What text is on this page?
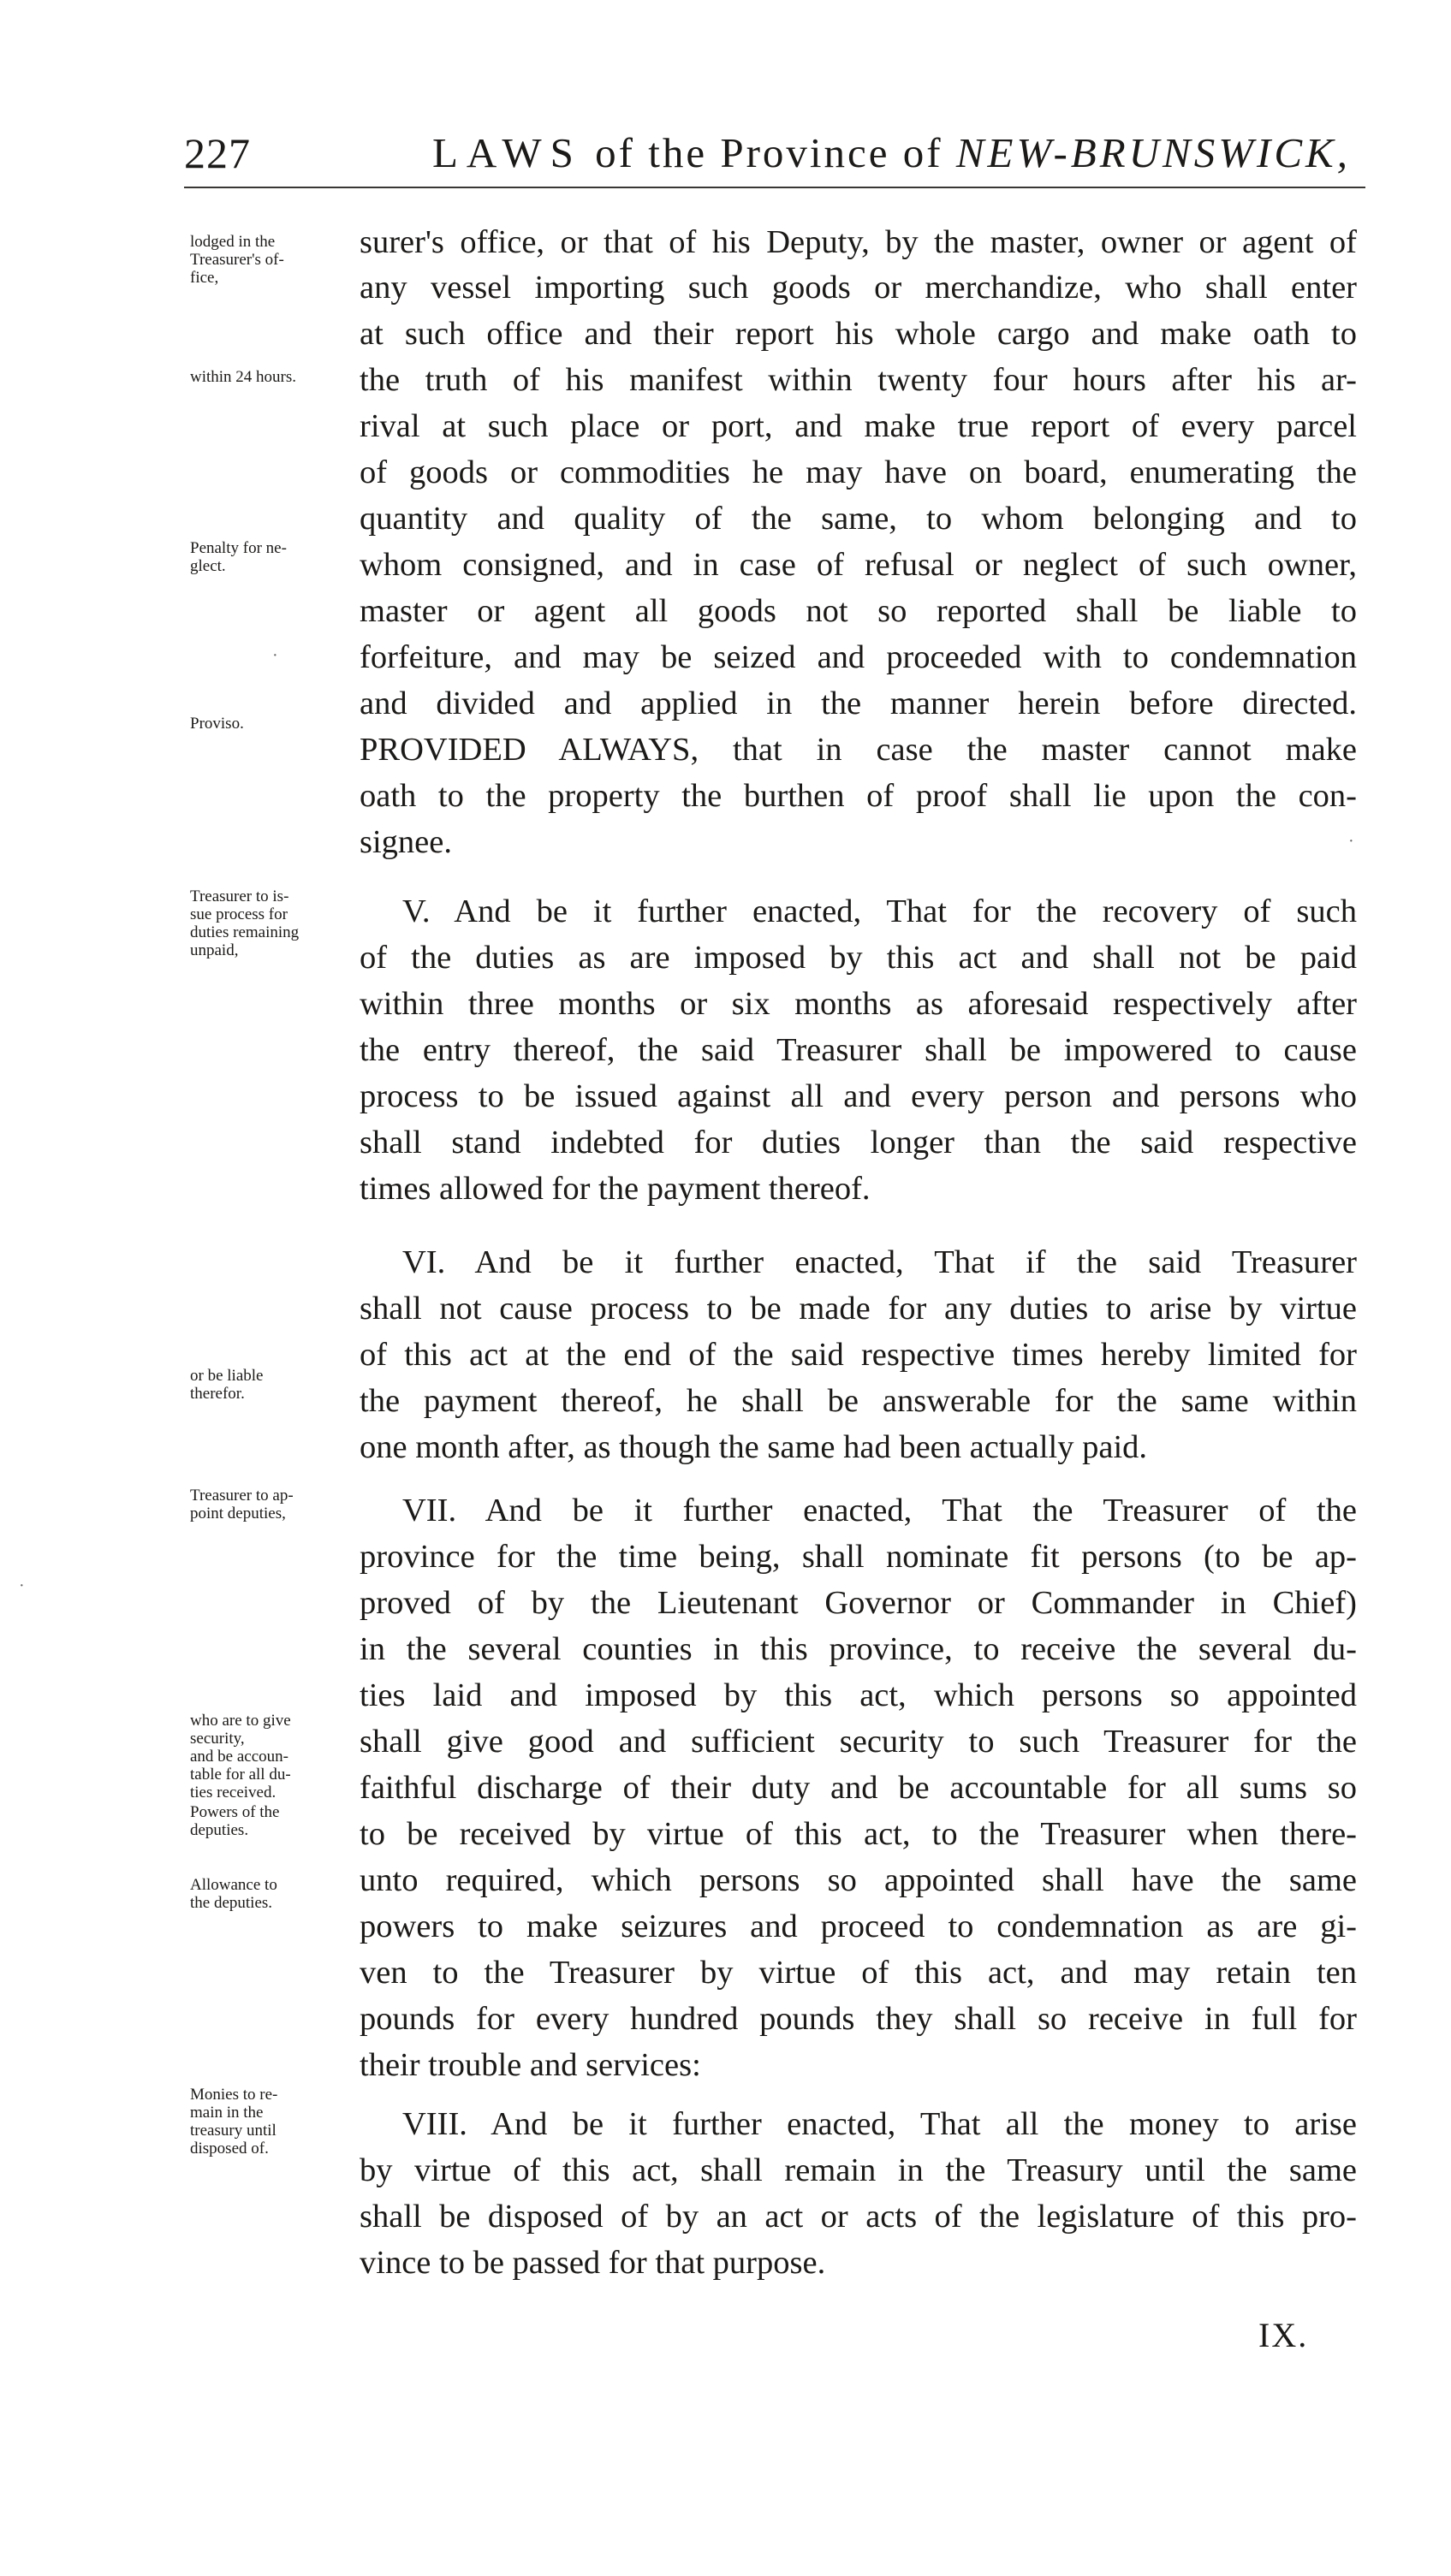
227	LAWS of the Province of NEW-BRUNSWICK,
lodged in the
Treasurer's of-
fice,
within 24 hours.
Penalty for ne-
glect.
Proviso.
Treasurer to is-
sue process for
duties remaining
unpaid,
or be liable
therefor.
Treasurer to ap-
point deputies,
who are to give
security,
and be accoun-
table for all du-
ties received.
Powers of the
deputies.
Allowance to
the deputies.
Monies to re-
main in the
treasury until
disposed of.
surer's office, or that of his Deputy, by the master, owner or agent of
any vessel importing such goods or merchandize, who shall enter
at such office and their report his whole cargo and make oath to
the truth of his manifest within twenty four hours after his ar-
rival at such place or port, and make true report of every parcel
of goods or commodities he may have on board, enumerating the
quantity and quality of the same, to whom belonging and to
whom consigned, and in case of refusal or neglect of such owner,
master or agent all goods not so reported shall be liable to
forfeiture, and may be seized and proceeded with to condemnation
and divided and applied in the manner herein before directed.
PROVIDED ALWAYS, that in case the master cannot make
oath to the property the burthen of proof shall lie upon the con-
signee.
V. And be it further enacted, That for the recovery of such
of the duties as are imposed by this act and shall not be paid
within three months or six months as aforesaid respectively after
the entry thereof, the said Treasurer shall be impowered to cause
process to be issued against all and every person and persons who
shall stand indebted for duties longer than the said respective
times allowed for the payment thereof.
VI. And be it further enacted, That if the said Treasurer
shall not cause process to be made for any duties to arise by virtue
of this act at the end of the said respective times hereby limited for
the payment thereof, he shall be answerable for the same within
one month after, as though the same had been actually paid.
VII. And be it further enacted, That the Treasurer of the
province for the time being, shall nominate fit persons (to be ap-
proved of by the Lieutenant Governor or Commander in Chief)
in the several counties in this province, to receive the several du-
ties laid and imposed by this act, which persons so appointed
shall give good and sufficient security to such Treasurer for the
faithful discharge of their duty and be accountable for all sums so
to be received by virtue of this act, to the Treasurer when there-
unto required, which persons so appointed shall have the same
powers to make seizures and proceed to condemnation as are gi-
ven to the Treasurer by virtue of this act, and may retain ten
pounds for every hundred pounds they shall so receive in full for
their trouble and services:
VIII. And be it further enacted, That all the money to arise
by virtue of this act, shall remain in the Treasury until the same
shall be disposed of by an act or acts of the legislature of this pro-
vince to be passed for that purpose.
IX.
·
·
·
